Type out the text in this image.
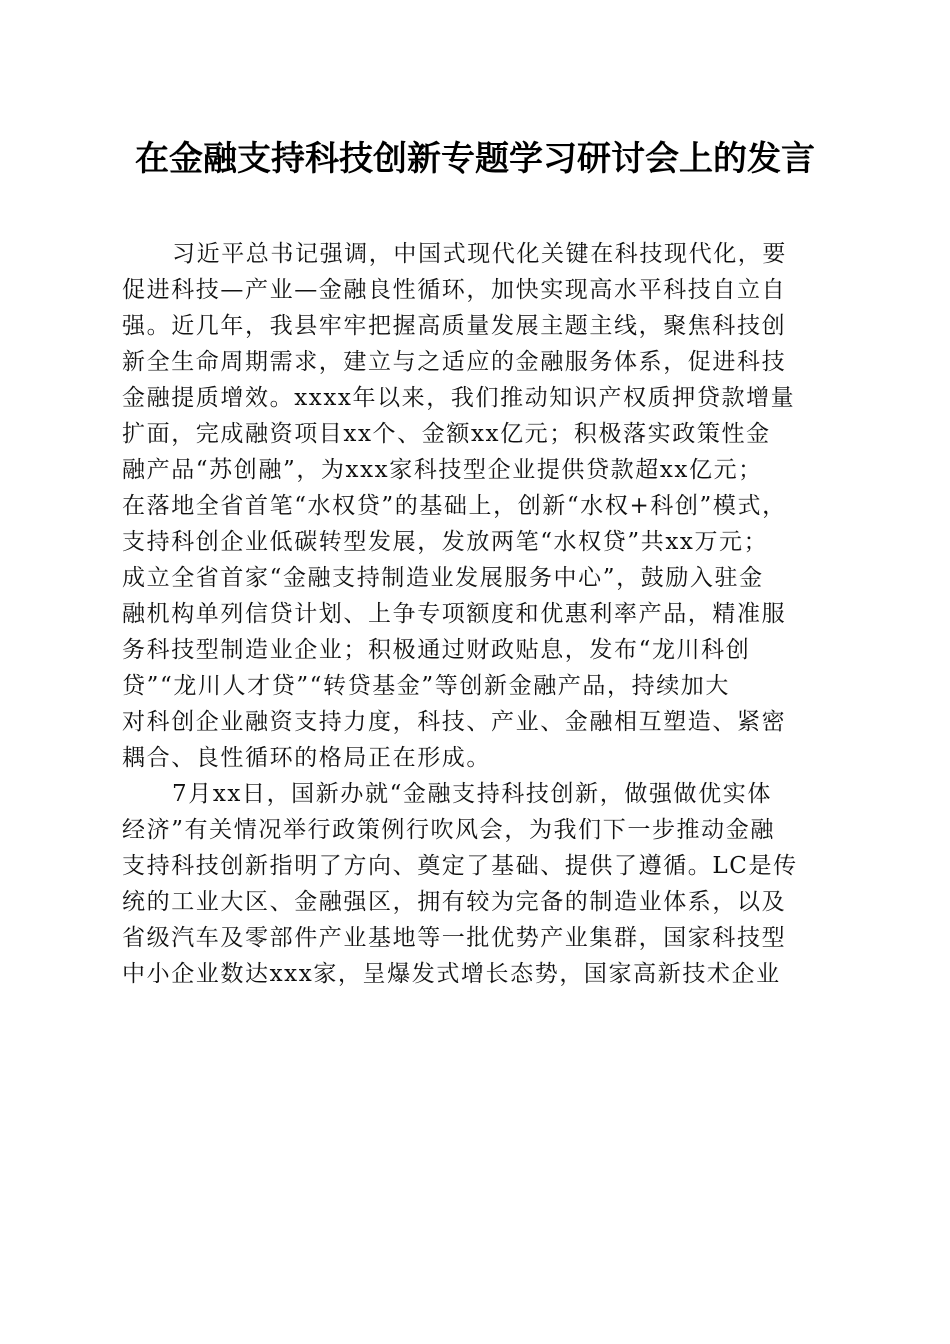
在金融支持科技创新专题学习研讨会上的发言
习近平总书记强调，中国式现代化关键在科技现代化，要
促进科技—产业—金融良性循环，加快实现高水平科技自立自
强。近几年，我县牢牢把握高质量发展主题主线，聚焦科技创
新全生命周期需求，建立与之适应的金融服务体系，促进科技
金融提质增效。xxxx年以来，我们推动知识产权质押贷款增量
扩面，完成融资项目xx个、金额xx亿元；积极落实政策性金
融产品“苏创融”，为xxx家科技型企业提供贷款超xx亿元；
在落地全省首笔“水权贷”的基础上，创新“水权+科创”模式，
支持科创企业低碳转型发展，发放两笔“水权贷”共xx万元；
成立全省首家“金融支持制造业发展服务中心”，鼓励入驻金
融机构单列信贷计划、上争专项额度和优惠利率产品，精准服
务科技型制造业企业；积极通过财政贴息，发布“龙川科创
贷”“龙川人才贷”“转贷基金”等创新金融产品，持续加大
对科创企业融资支持力度，科技、产业、金融相互塑造、紧密
耦合、良性循环的格局正在形成。
7月xx日，国新办就“金融支持科技创新，做强做优实体
经济”有关情况举行政策例行吹风会，为我们下一步推动金融
支持科技创新指明了方向、奠定了基础、提供了遵循。LC是传
统的工业大区、金融强区，拥有较为完备的制造业体系，以及
省级汽车及零部件产业基地等一批优势产业集群，国家科技型
中小企业数达xxx家，呈爆发式增长态势，国家高新技术企业
